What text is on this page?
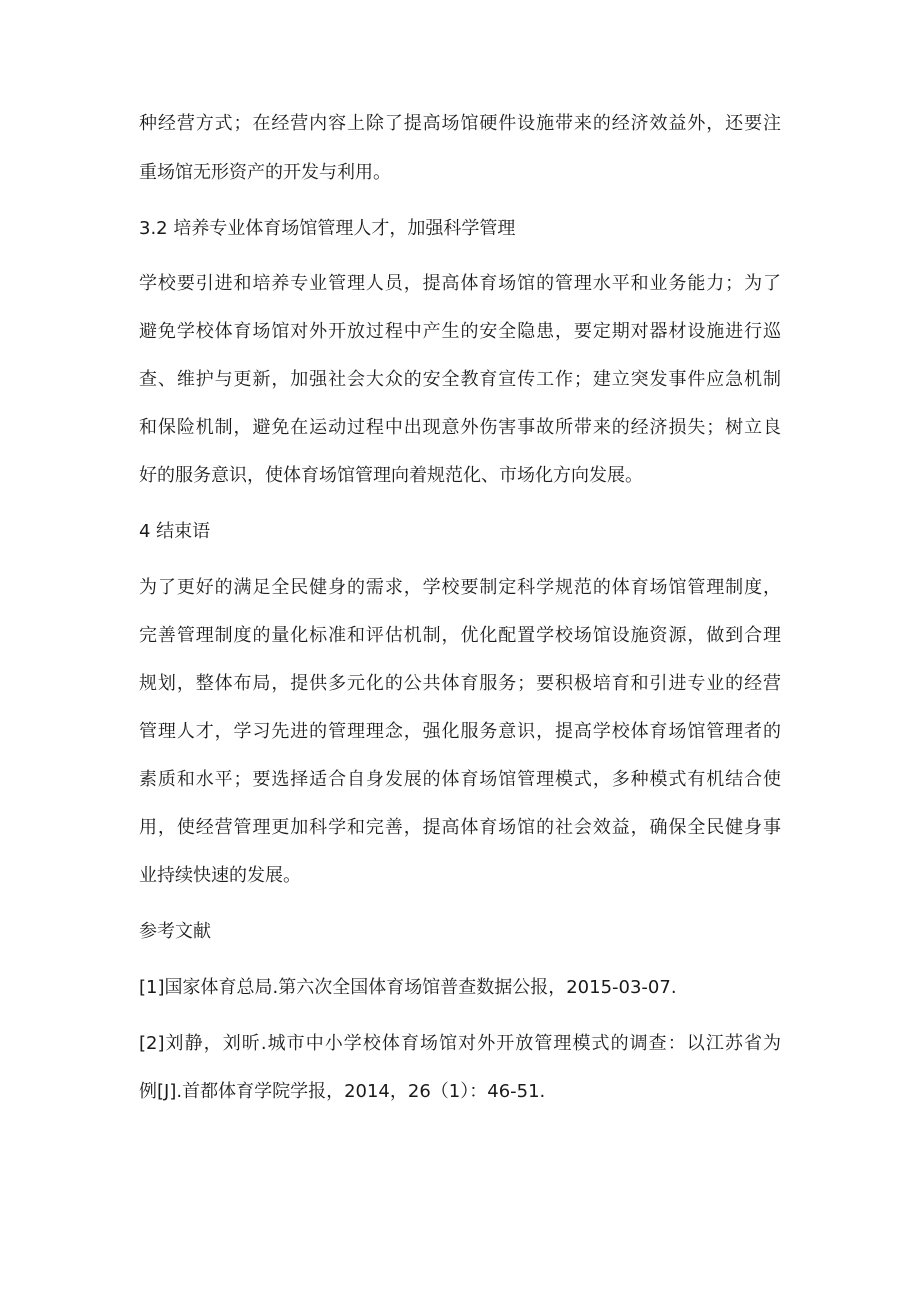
种经营方式；在经营内容上除了提高场馆硬件设施带来的经济效益外，还要注
重场馆无形资产的开发与利用。
3.2 培养专业体育场馆管理人才，加强科学管理
学校要引进和培养专业管理人员，提高体育场馆的管理水平和业务能力；为了
避免学校体育场馆对外开放过程中产生的安全隐患，要定期对器材设施进行巡
查、维护与更新，加强社会大众的安全教育宣传工作；建立突发事件应急机制
和保险机制，避免在运动过程中出现意外伤害事故所带来的经济损失；树立良
好的服务意识，使体育场馆管理向着规范化、市场化方向发展。
4 结束语
为了更好的满足全民健身的需求，学校要制定科学规范的体育场馆管理制度，
完善管理制度的量化标准和评估机制，优化配置学校场馆设施资源，做到合理
规划，整体布局，提供多元化的公共体育服务；要积极培育和引进专业的经营
管理人才，学习先进的管理理念，强化服务意识，提高学校体育场馆管理者的
素质和水平；要选择适合自身发展的体育场馆管理模式，多种模式有机结合使
用，使经营管理更加科学和完善，提高体育场馆的社会效益，确保全民健身事
业持续快速的发展。
参考文献
[1]国家体育总局.第六次全国体育场馆普查数据公报，2015-03-07.
[2]刘静，刘昕.城市中小学校体育场馆对外开放管理模式的调查：以江苏省为
例[J].首都体育学院学报，2014，26（1）：46-51.
